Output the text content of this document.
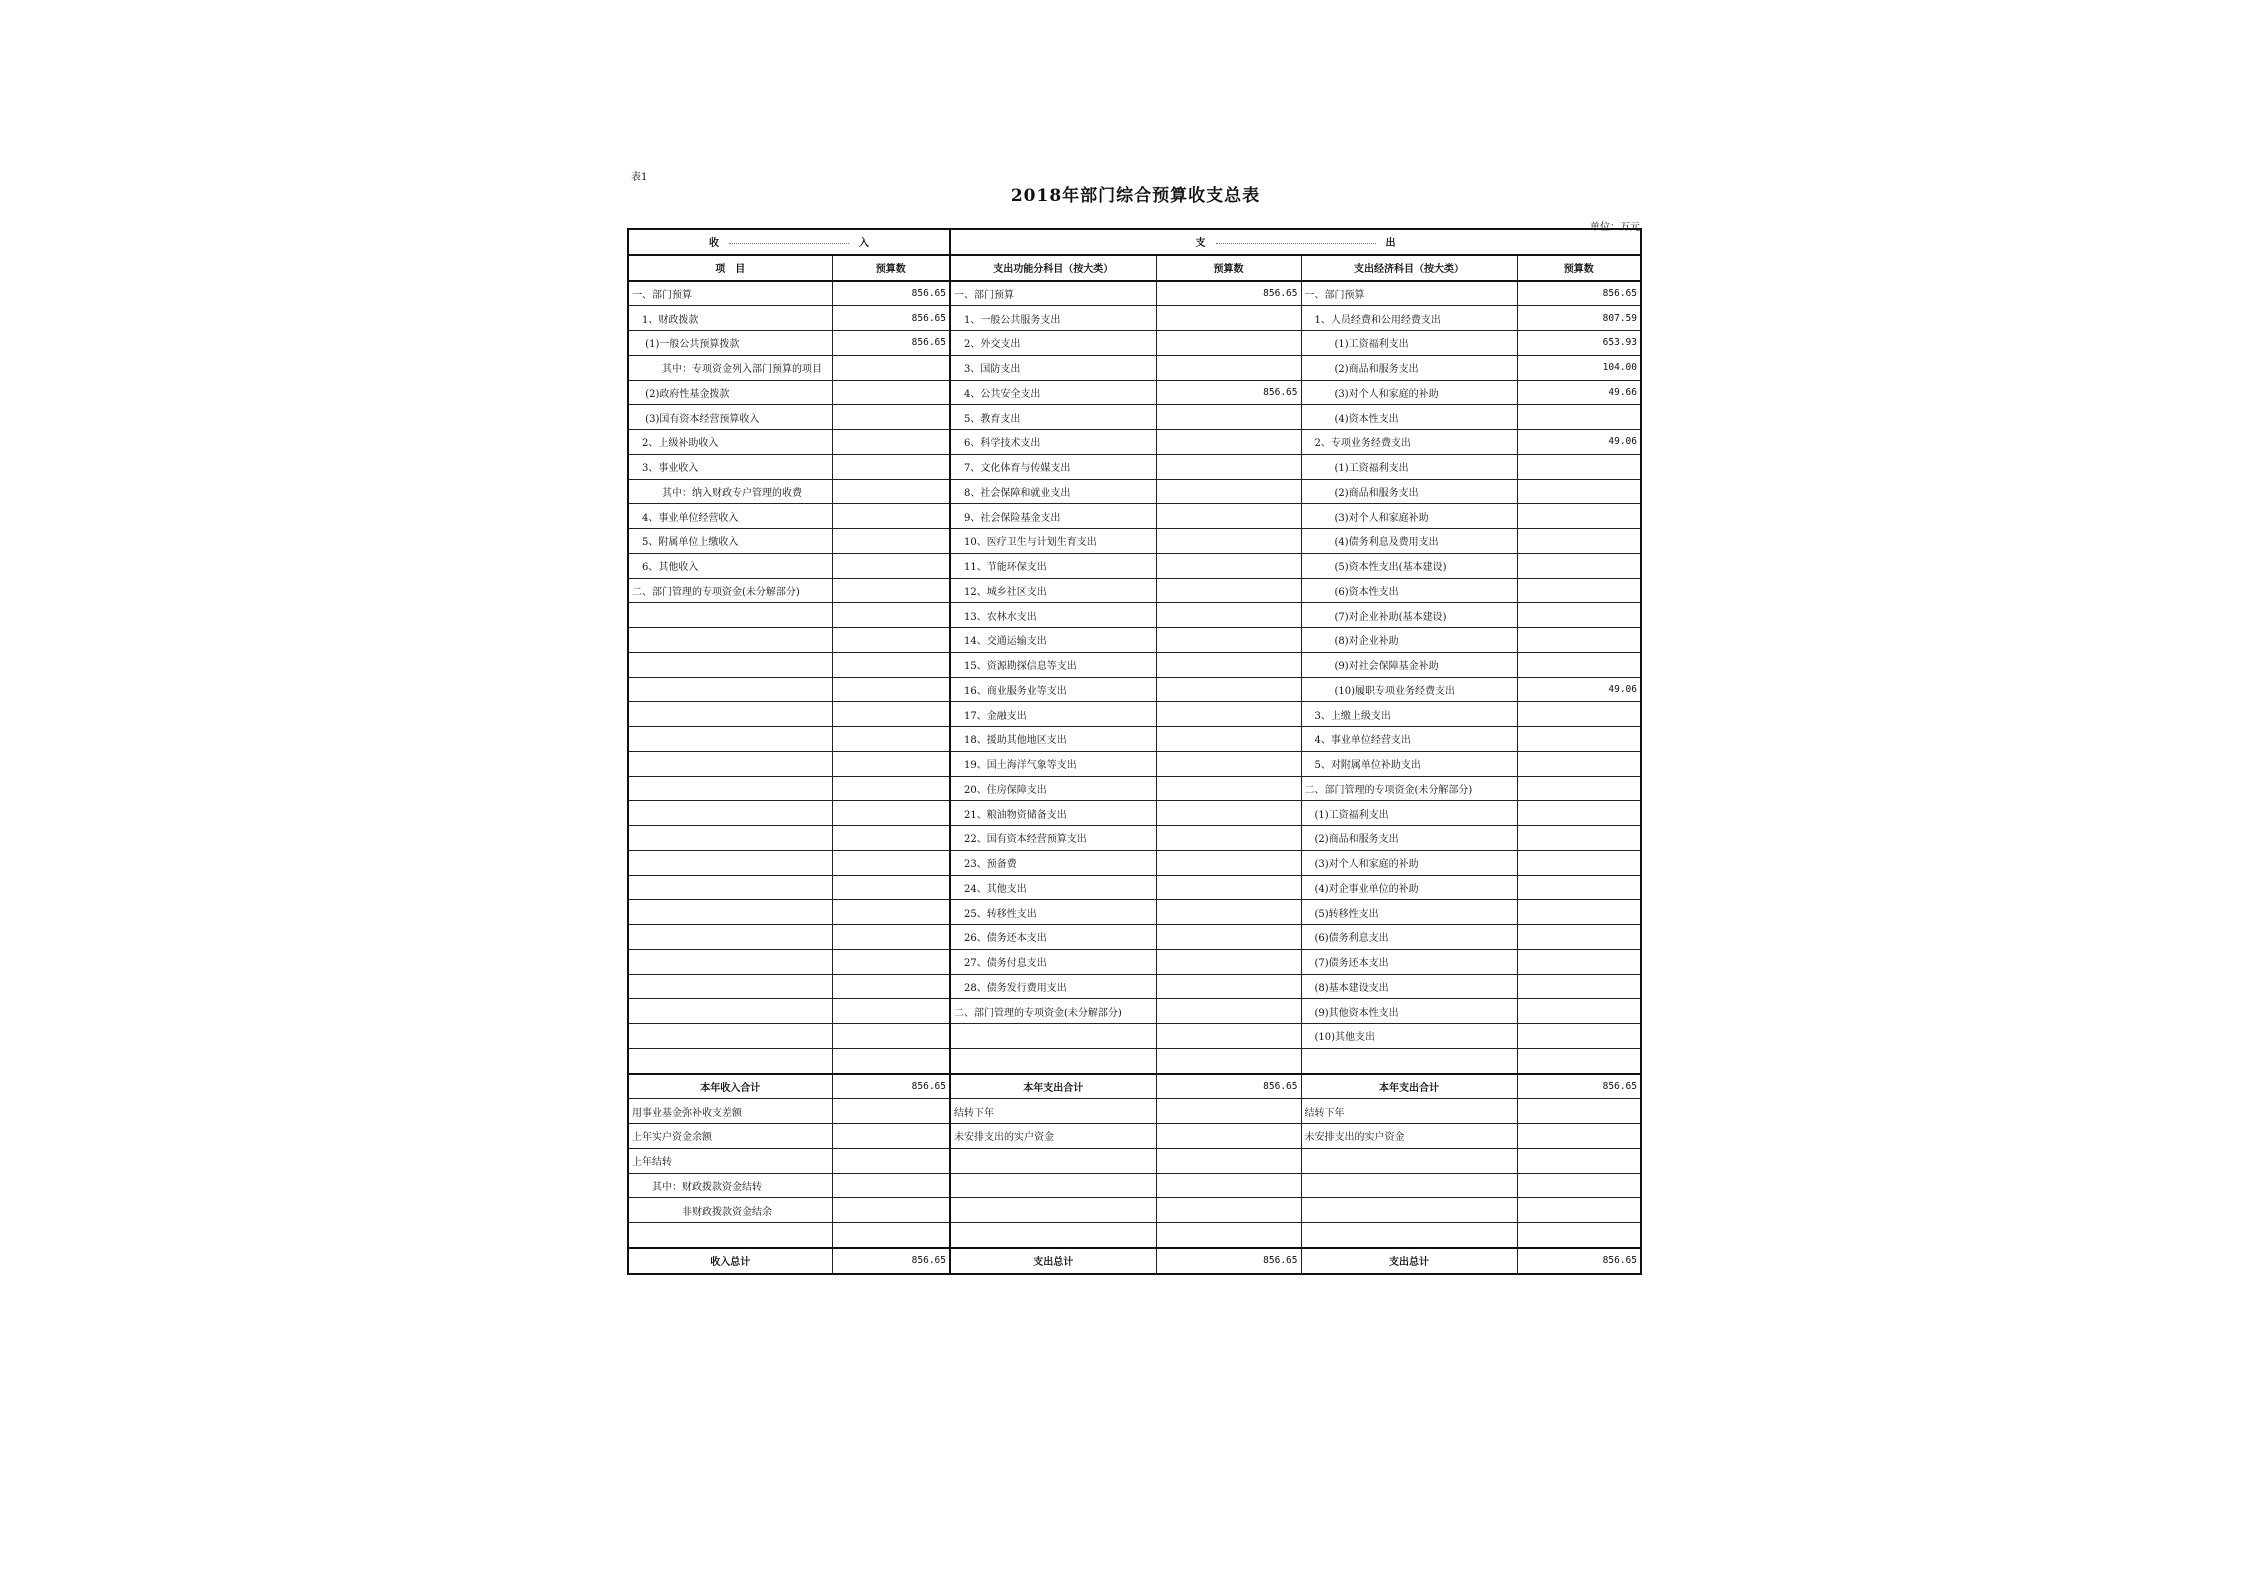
表1
2018年部门综合预算收支总表
单位：万元
收 入		支 出			
项　目	预算数	支出功能分科目（按大类）	预算数	支出经济科目（按大类）	预算数
一、部门预算	856.65	一、部门预算	856.65	一、部门预算	856.65
　1、财政拨款	856.65	　1、一般公共服务支出		　1、人员经费和公用经费支出	807.59
　 (1)一般公共预算拨款	856.65	　2、外交支出		　　　(1)工资福利支出	653.93
　　　其中：专项资金列入部门预算的项目		　3、国防支出		　　　(2)商品和服务支出	104.00
　 (2)政府性基金拨款		　4、公共安全支出	856.65	　　　(3)对个人和家庭的补助	49.66
　 (3)国有资本经营预算收入		　5、教育支出		　　　(4)资本性支出	
　2、上级补助收入		　6、科学技术支出		　2、专项业务经费支出	49.06
　3、事业收入		　7、文化体育与传媒支出		　　　(1)工资福利支出	
　　　其中：纳入财政专户管理的收费		　8、社会保障和就业支出		　　　(2)商品和服务支出	
　4、事业单位经营收入		　9、社会保险基金支出		　　　(3)对个人和家庭补助	
　5、附属单位上缴收入		　10、医疗卫生与计划生育支出		　　　(4)债务利息及费用支出	
　6、其他收入		　11、节能环保支出		　　　(5)资本性支出(基本建设)	
二、部门管理的专项资金(未分解部分)		　12、城乡社区支出		　　　(6)资本性支出	
		　13、农林水支出		　　　(7)对企业补助(基本建设)	
		　14、交通运输支出		　　　(8)对企业补助	
		　15、资源勘探信息等支出		　　　(9)对社会保障基金补助	
		　16、商业服务业等支出		　　　(10)履职专项业务经费支出	49.06
		　17、金融支出		　3、上缴上级支出	
		　18、援助其他地区支出		　4、事业单位经营支出	
		　19、国土海洋气象等支出		　5、对附属单位补助支出	
		　20、住房保障支出		二、部门管理的专项资金(未分解部分)	
		　21、粮油物资储备支出		　(1)工资福利支出	
		　22、国有资本经营预算支出		　(2)商品和服务支出	
		　23、预备费		　(3)对个人和家庭的补助	
		　24、其他支出		　(4)对企事业单位的补助	
		　25、转移性支出		　(5)转移性支出	
		　26、债务还本支出		　(6)债务利息支出	
		　27、债务付息支出		　(7)债务还本支出	
		　28、债务发行费用支出		　(8)基本建设支出	
		二、部门管理的专项资金(未分解部分)		　(9)其他资本性支出	
				　(10)其他支出	

本年收入合计	856.65	本年支出合计	856.65	本年支出合计	856.65
用事业基金弥补收支差额		结转下年		结转下年	
上年实户资金余额		未安排支出的实户资金		未安排支出的实户资金	
上年结转					
　　其中：财政拨款资金结转					
　　　　　非财政拨款资金结余					

收入总计	856.65	支出总计	856.65	支出总计	856.65
